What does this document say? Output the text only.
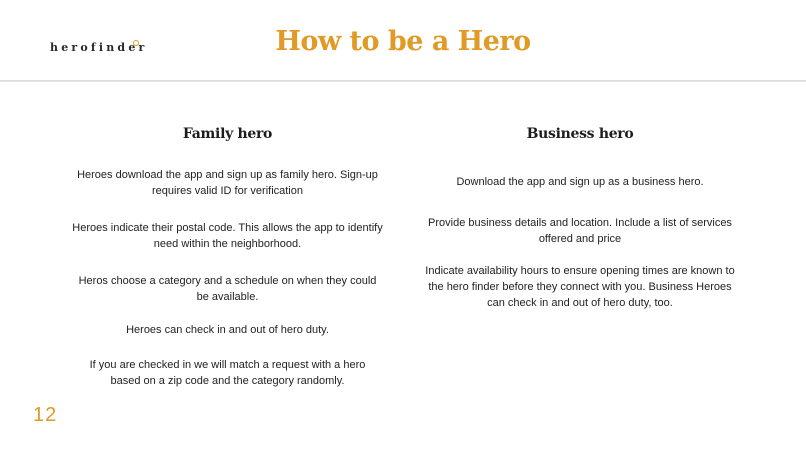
herofinder	How to be a Hero
Family hero
Heroes download the app and sign up as family hero. Sign-up requires valid ID for verification
Heroes indicate their postal code. This allows the app to identify need within the neighborhood.
Heros choose a category and a schedule on when they could be available.
Heroes can check in and out of hero duty.
If you are checked in we will match a request with a hero based on a zip code and the category randomly.
Business hero
Download the app and sign up as a business hero.
Provide business details and location. Include a list of services offered and price
Indicate availability hours to ensure opening times are known to the hero finder before they connect with you. Business Heroes can check in and out of hero duty, too.
12
